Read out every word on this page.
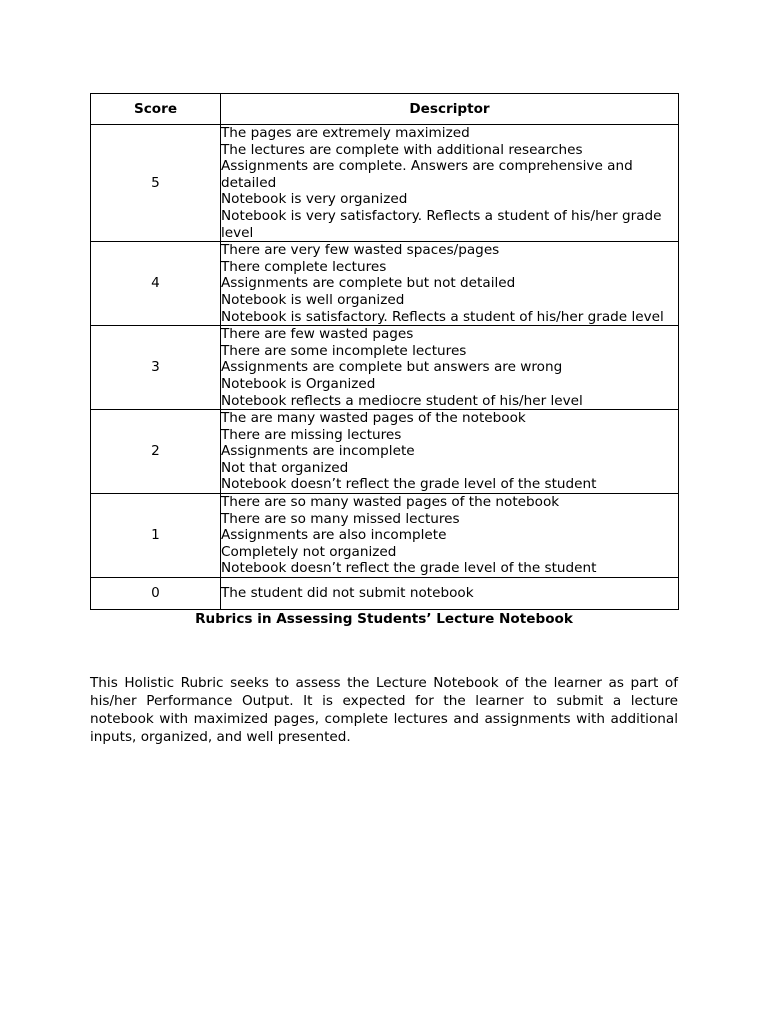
Score	Descriptor
5	The pages are extremely maximized
The lectures are complete with additional researches
Assignments are complete. Answers are comprehensive and detailed
Notebook is very organized
Notebook is very satisfactory. Reflects a student of his/her grade level

4	There are very few wasted spaces/pages
There complete lectures
Assignments are complete but not detailed
Notebook is well organized
Notebook is satisfactory. Reflects a student of his/her grade level

3	There are few wasted pages
There are some incomplete lectures
Assignments are complete but answers are wrong
Notebook is Organized
Notebook reflects a mediocre student of his/her level

2	The are many wasted pages of the notebook
There are missing lectures
Assignments are incomplete
Not that organized
Notebook doesn’t reflect the grade level of the student

1	There are so many wasted pages of the notebook
There are so many missed lectures
Assignments are also incomplete
Completely not organized
Notebook doesn’t reflect the grade level of the student

0	The student did not submit notebook
Rubrics in Assessing Students’ Lecture Notebook

This Holistic Rubric seeks to assess the Lecture Notebook of the learner as part of his/her Performance Output. It is expected for the learner to submit a lecture notebook with maximized pages, complete lectures and assignments with additional inputs, organized, and well presented.
